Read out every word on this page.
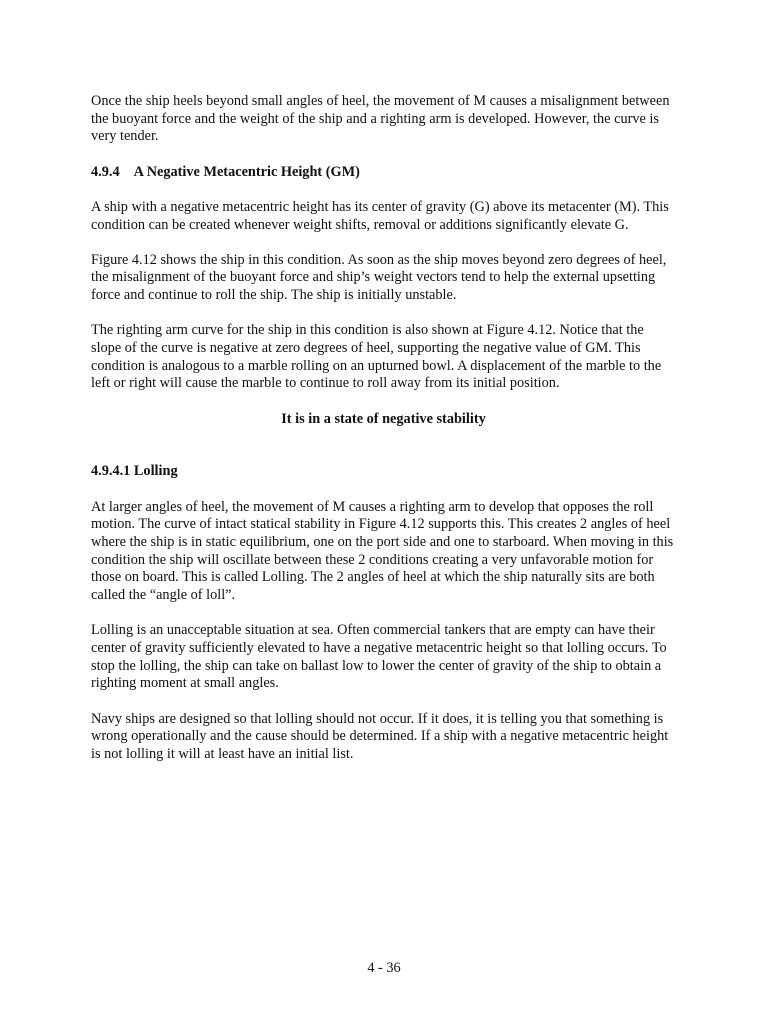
Once the ship heels beyond small angles of heel, the movement of M causes a misalignment between the buoyant force and the weight of the ship and a righting arm is developed. However, the curve is very tender.

4.9.4 A Negative Metacentric Height (GM)

A ship with a negative metacentric height has its center of gravity (G) above its metacenter (M). This condition can be created whenever weight shifts, removal or additions significantly elevate G.

Figure 4.12 shows the ship in this condition. As soon as the ship moves beyond zero degrees of heel, the misalignment of the buoyant force and ship’s weight vectors tend to help the external upsetting force and continue to roll the ship. The ship is initially unstable.

The righting arm curve for the ship in this condition is also shown at Figure 4.12. Notice that the slope of the curve is negative at zero degrees of heel, supporting the negative value of GM. This condition is analogous to a marble rolling on an upturned bowl. A displacement of the marble to the left or right will cause the marble to continue to roll away from its initial position.

It is in a state of negative stability
4.9.4.1 Lolling

At larger angles of heel, the movement of M causes a righting arm to develop that opposes the roll motion. The curve of intact statical stability in Figure 4.12 supports this. This creates 2 angles of heel where the ship is in static equilibrium, one on the port side and one to starboard. When moving in this condition the ship will oscillate between these 2 conditions creating a very unfavorable motion for those on board. This is called Lolling. The 2 angles of heel at which the ship naturally sits are both called the “angle of loll”.

Lolling is an unacceptable situation at sea. Often commercial tankers that are empty can have their center of gravity sufficiently elevated to have a negative metacentric height so that lolling occurs. To stop the lolling, the ship can take on ballast low to lower the center of gravity of the ship to obtain a righting moment at small angles.

Navy ships are designed so that lolling should not occur. If it does, it is telling you that something is wrong operationally and the cause should be determined. If a ship with a negative metacentric height is not lolling it will at least have an initial list.

4 - 36
